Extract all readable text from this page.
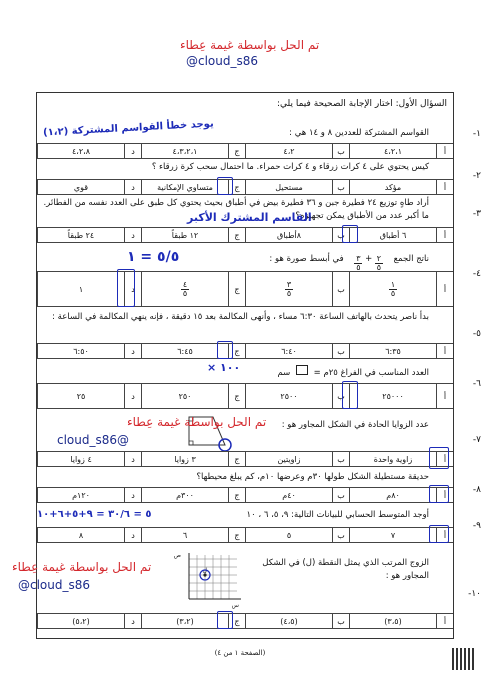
تم الحل بواسطة غيمة عِطاء
@cloud_s86
السؤال الأول: اختار الإجابة الصحيحة فيما يلي:
القواسم المشتركة للعددين ٨ و ١٤ هي :
يوجد خطأ القواسم المشتركة (١،٢)
أ
٤،٢،١
ب
٤،٢
ج
٤،٣،٢،١
د
٤،٢،٨
كيس يحتوي على ٤ كرات زرقاء و ٤ كرات حمراء. ما احتمال سحب كرة زرقاء ؟
أ
مؤكد
ب
مستحيل
ج
متساوي الإمكانية
د
قوي
أراد طاهٍ توزيع ٢٤ فطيرة جبن و ٣٦ فطيرة بيض في أطباق بحيث يحتوي كل طبق على العدد نفسه من الفطائر. ما أكبر عدد من الأطباق يمكن تجهيزه؟
القاسم المشترك الأكبر
أ
٦ أطباق
ب
٨أطباق
ج
١٢ طبقاً
د
٢٤ طبقاً
ناتج الجمع
$\frac{٣}{٥} + \frac{٢}{٥}$
في أبسط صورة هو :
٥/٥ = ١
أ
$\frac{١}{٥}$
ب
$\frac{٣}{٥}$
ج
$\frac{٤}{٥}$
د
١
بدأ ناصر يتحدث بالهاتف الساعة ٦:٣٠ مساء ، وأنهى المكالمة بعد ١٥ دقيقة ، فإنه ينهي المكالمة في الساعة :
أ
٦:٣٥
ب
٦:٤٠
ج
٦:٤٥
د
٦:٥٠
العدد المناسب في الفراغ ٢٥م =  سم
١٠٠ ×
أ
٢٥٠٠٠
ب
٢٥٠٠
ج
٢٥٠
د
٢٥
عدد الزوايا الحادة في الشكل المجاور هو :
أ
زاوية واحدة
ب
زاويتين
ج
٣ زوايا
د
٤ زوايا
تم الحل بواسطة غيمة عِطاء
@cloud_s86
حديقة مستطيلة الشكل طولها ٣٠م وعرضها ١٠م، كم يبلغ محيطها؟
أ
٨٠م
ب
٤٠م
ج
٣٠٠م
د
١٢٠م
أوجد المتوسط الحسابي للبيانات التالية: ٩، ٥، ٦ ، ١٠
٥ = ٣٠/٦ = ٩+٥+٦+١٠
أ
٧
ب
٥
ج
٦
د
٨
الزوج المرتب الذي يمثل النقطة (ل) في الشكل المجاور هو :
ل
ص
س
أ
(٣،٥)
ب
(٤،٥)
ج
(٣،٢)
د
(٥،٢)
-١
-٢
-٣
-٤
-٥
-٦
-٧
-٨
-٩
-١٠
تم الحل بواسطة غيمة عِطاء
@cloud_s86
(الصفحة ١ من ٤)
